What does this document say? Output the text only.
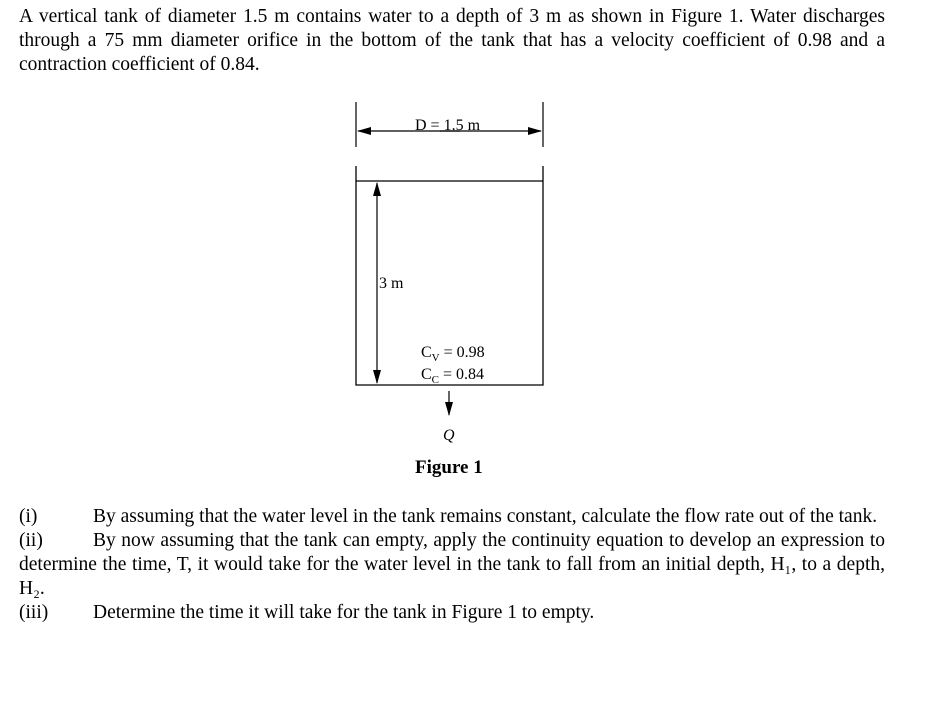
A vertical tank of diameter 1.5 m contains water to a depth of 3 m as shown in Figure 1. Water discharges through a 75 mm diameter orifice in the bottom of the tank that has a velocity coefficient of 0.98 and a contraction coefficient of 0.84.

D = 1.5 m
3 m
$C_V = 0.98$
$C_C = 0.84$
Q

Figure 1

(i)	By assuming that the water level in the tank remains constant, calculate the flow rate out of the tank.

(ii)	By now assuming that the tank can empty, apply the continuity equation to develop an expression to determine the time, T, it would take for the water level in the tank to fall from an initial depth, H₁, to a depth, H₂.

(iii) Determine the time it will take for the tank in Figure 1 to empty.
